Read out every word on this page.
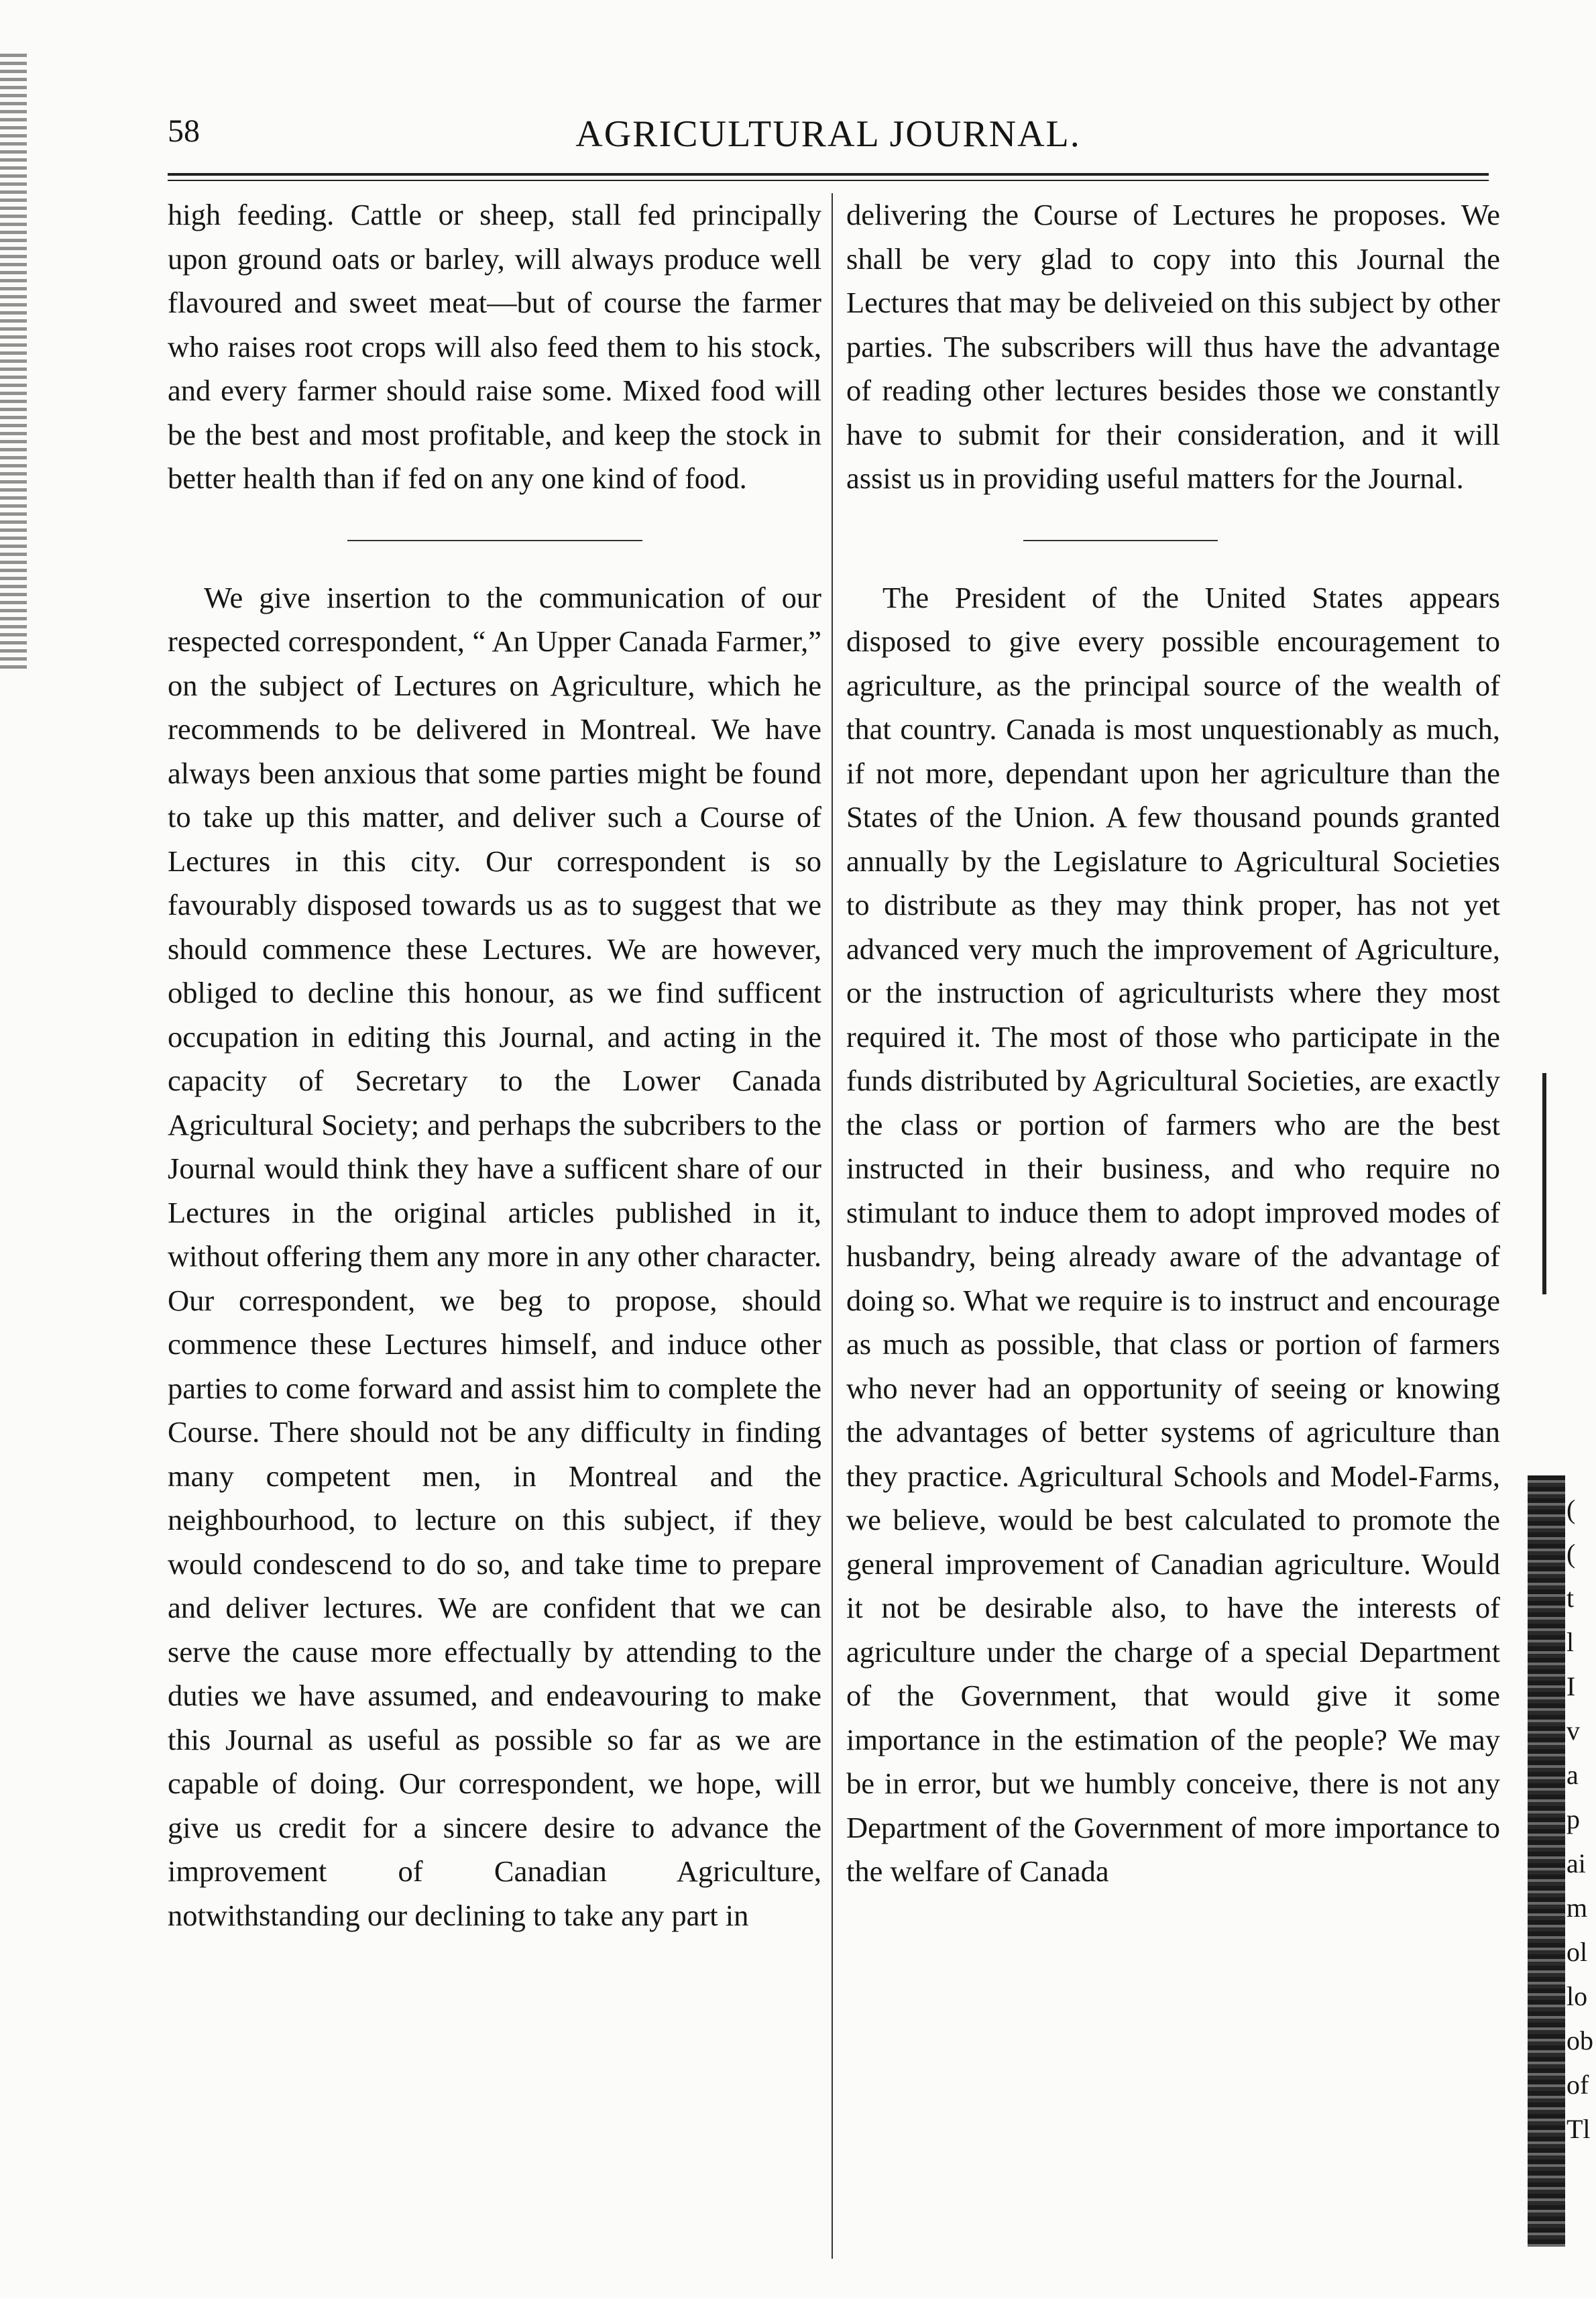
58	AGRICULTURAL JOURNAL.

high feeding. Cattle or sheep, stall fed principally upon ground oats or barley, will always produce well flavoured and sweet meat—but of course the farmer who raises root crops will also feed them to his stock, and every farmer should raise some. Mixed food will be the best and most profitable, and keep the stock in better health than if fed on any one kind of food.

We give insertion to the communication of our respected correspondent, “ An Upper Canada Farmer,” on the subject of Lectures on Agriculture, which he recommends to be delivered in Montreal. We have always been anxious that some parties might be found to take up this matter, and deliver such a Course of Lectures in this city. Our correspondent is so favourably disposed towards us as to suggest that we should commence these Lectures. We are however, obliged to decline this honour, as we find sufficent occupation in editing this Journal, and acting in the capacity of Secretary to the Lower Canada Agricultural Society; and perhaps the subcribers to the Journal would think they have a sufficent share of our Lectures in the original articles published in it, without offering them any more in any other character. Our correspondent, we beg to propose, should commence these Lectures himself, and induce other parties to come forward and assist him to complete the Course. There should not be any difficulty in finding many competent men, in Montreal and the neighbourhood, to lecture on this subject, if they would condescend to do so, and take time to prepare and deliver lectures. We are confident that we can serve the cause more effectually by attending to the duties we have assumed, and endeavouring to make this Journal as useful as possible so far as we are capable of doing. Our correspondent, we hope, will give us credit for a sincere desire to advance the improvement of Canadian Agriculture, notwithstanding our declining to take any part in

delivering the Course of Lectures he proposes. We shall be very glad to copy into this Journal the Lectures that may be deliveied on this subject by other parties. The subscribers will thus have the advantage of reading other lectures besides those we constantly have to submit for their consideration, and it will assist us in providing useful matters for the Journal.

The President of the United States appears disposed to give every possible encouragement to agriculture, as the principal source of the wealth of that country. Canada is most unquestionably as much, if not more, dependant upon her agriculture than the States of the Union. A few thousand pounds granted annually by the Legislature to Agricultural Societies to distribute as they may think proper, has not yet advanced very much the improvement of Agriculture, or the instruction of agriculturists where they most required it. The most of those who participate in the funds distributed by Agricultural Societies, are exactly the class or portion of farmers who are the best instructed in their business, and who require no stimulant to induce them to adopt improved modes of husbandry, being already aware of the advantage of doing so. What we require is to instruct and encourage as much as possible, that class or portion of farmers who never had an opportunity of seeing or knowing the advantages of better systems of agriculture than they practice. Agricultural Schools and Model-Farms, we believe, would be best calculated to promote the general improvement of Canadian agriculture. Would it not be desirable also, to have the interests of agriculture under the charge of a special Department of the Government, that would give it some importance in the estimation of the people? We may be in error, but we humbly conceive, there is not any Department of the Government of more importance to the welfare of Canada

(
(
t
l
I
v
a
p
ai
m
ol
lo
ob
of
Tl
